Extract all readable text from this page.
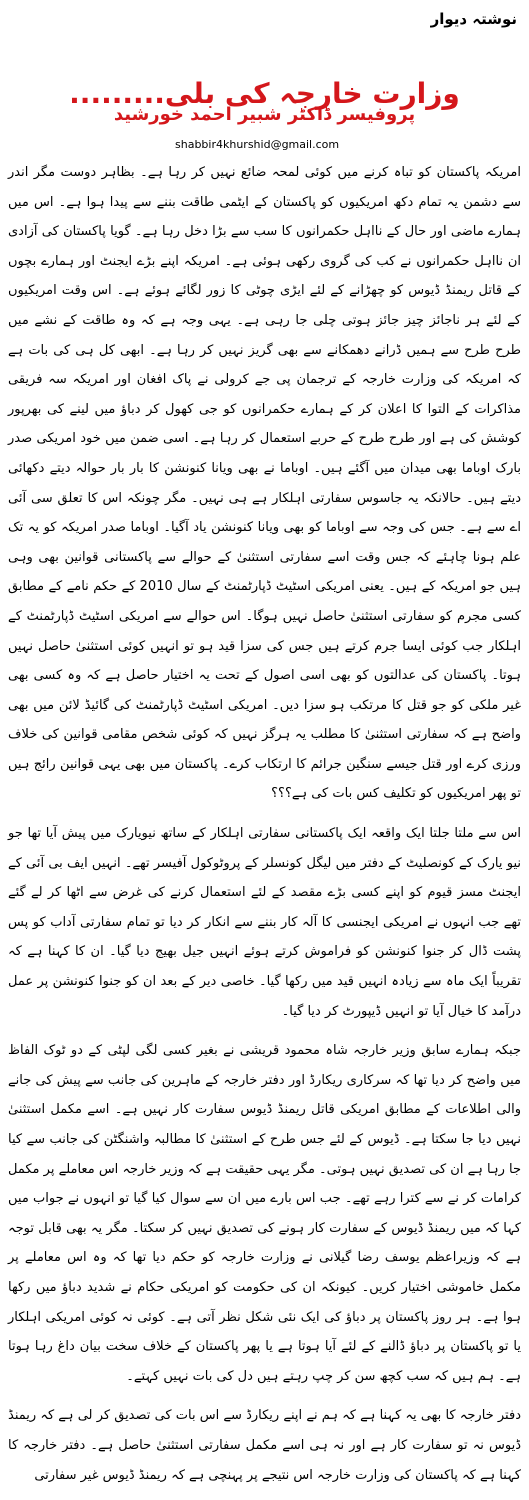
نوشتہ دیوار
وزارت خارجہ کی بلی.........
پروفیسر ڈاکٹر شبیر احمد خورشید
shabbir4khurshid@gmail.com

امریکہ پاکستان کو تباہ کرنے میں کوئی لمحہ ضائع نہیں کر رہا ہے۔ بظاہر دوست مگر اندر سے دشمن یہ تمام دکھ امریکیوں کو پاکستان کے ایٹمی طاقت بننے سے پیدا ہوا ہے۔ اس میں ہمارے ماضی اور حال کے نااہل حکمرانوں کا سب سے بڑا دخل رہا ہے۔ گویا پاکستان کی آزادی ان نااہل حکمرانوں نے کب کی گروی رکھی ہوئی ہے۔ امریکہ اپنے بڑے ایجنٹ اور ہمارے بچوں کے قاتل ریمنڈ ڈیوس کو چھڑانے کے لئے ایڑی چوٹی کا زور لگائے ہوئے ہے۔ اس وقت امریکیوں کے لئے ہر ناجائز چیز جائز ہوتی چلی جا رہی ہے۔ یہی وجہ ہے کہ وہ طاقت کے نشے میں طرح طرح سے ہمیں ڈرانے دھمکانے سے بھی گریز نہیں کر رہا ہے۔ ابھی کل ہی کی بات ہے کہ امریکہ کی وزارت خارجہ کے ترجمان پی جے کرولی نے پاک افغان اور امریکہ سہ فریقی مذاکرات کے التوا کا اعلان کر کے ہمارے حکمرانوں کو جی کھول کر دباؤ میں لینے کی بھرپور کوشش کی ہے اور طرح طرح کے حربے استعمال کر رہا ہے۔ اسی ضمن میں خود امریکی صدر بارک اوباما بھی میدان میں آگئے ہیں۔ اوباما نے بھی ویانا کنونشن کا بار بار حوالہ دیتے دکھائی دیتے ہیں۔ حالانکہ یہ جاسوس سفارتی اہلکار ہے ہی نہیں۔ مگر چونکہ اس کا تعلق سی آئی اے سے ہے۔ جس کی وجہ سے اوباما کو بھی ویانا کنونشن یاد آگیا۔ اوباما صدر امریکہ کو یہ تک علم ہونا چاہئے کہ جس وقت اسے سفارتی استثنیٰ کے حوالے سے پاکستانی قوانین بھی وہی ہیں جو امریکہ کے ہیں۔ یعنی امریکی اسٹیٹ ڈپارٹمنٹ کے سال 2010 کے حکم نامے کے مطابق کسی مجرم کو سفارتی استثنیٰ حاصل نہیں ہوگا۔ اس حوالے سے امریکی اسٹیٹ ڈپارٹمنٹ کے اہلکار جب کوئی ایسا جرم کرتے ہیں جس کی سزا قید ہو تو انہیں کوئی استثنیٰ حاصل نہیں ہوتا۔ پاکستان کی عدالتوں کو بھی اسی اصول کے تحت یہ اختیار حاصل ہے کہ وہ کسی بھی غیر ملکی کو جو قتل کا مرتکب ہو سزا دیں۔ امریکی اسٹیٹ ڈپارٹمنٹ کی گائیڈ لائن میں بھی واضح ہے کہ سفارتی استثنیٰ کا مطلب یہ ہرگز نہیں کہ کوئی شخص مقامی قوانین کی خلاف ورزی کرے اور قتل جیسے سنگین جرائم کا ارتکاب کرے۔ پاکستان میں بھی یہی قوانین رائج ہیں تو پھر امریکیوں کو تکلیف کس بات کی ہے؟؟؟

اس سے ملتا جلتا ایک واقعہ ایک پاکستانی سفارتی اہلکار کے ساتھ نیویارک میں پیش آیا تھا جو نیو یارک کے کونصلیٹ کے دفتر میں لیگل کونسلر کے پروٹوکول آفیسر تھے۔ انہیں ایف بی آئی کے ایجنٹ مسز قیوم کو اپنے کسی بڑے مقصد کے لئے استعمال کرنے کی غرض سے اٹھا کر لے گئے تھے جب انہوں نے امریکی ایجنسی کا آلہ کار بننے سے انکار کر دیا تو تمام سفارتی آداب کو پس پشت ڈال کر جنوا کنونشن کو فراموش کرتے ہوئے انہیں جیل بھیج دیا گیا۔ ان کا کہنا ہے کہ تقریباً ایک ماہ سے زیادہ انہیں قید میں رکھا گیا۔ خاصی دیر کے بعد ان کو جنوا کنونشن پر عمل درآمد کا خیال آیا تو انہیں ڈیپورٹ کر دیا گیا۔

جبکہ ہمارے سابق وزیر خارجہ شاہ محمود قریشی نے بغیر کسی لگی لپٹی کے دو ٹوک الفاظ میں واضح کر دیا تھا کہ سرکاری ریکارڈ اور دفتر خارجہ کے ماہرین کی جانب سے پیش کی جانے والی اطلاعات کے مطابق امریکی قاتل ریمنڈ ڈیوس سفارت کار نہیں ہے۔ اسے مکمل استثنیٰ نہیں دیا جا سکتا ہے۔ ڈیوس کے لئے جس طرح کے استثنیٰ کا مطالبہ واشنگٹن کی جانب سے کیا جا رہا ہے ان کی تصدیق نہیں ہوتی۔ مگر یہی حقیقت ہے کہ وزیر خارجہ اس معاملے پر مکمل کرامات کر نے سے کترا رہے تھے۔ جب اس بارے میں ان سے سوال کیا گیا تو انہوں نے جواب میں کہا کہ میں ریمنڈ ڈیوس کے سفارت کار ہونے کی تصدیق نہیں کر سکتا۔ مگر یہ بھی قابل توجہ ہے کہ وزیراعظم یوسف رضا گیلانی نے وزارت خارجہ کو حکم دیا تھا کہ وہ اس معاملے پر مکمل خاموشی اختیار کریں۔ کیونکہ ان کی حکومت کو امریکی حکام نے شدید دباؤ میں رکھا ہوا ہے۔ ہر روز پاکستان پر دباؤ کی ایک نئی شکل نظر آتی ہے۔ کوئی نہ کوئی امریکی اہلکار یا تو پاکستان پر دباؤ ڈالنے کے لئے آیا ہوتا ہے یا پھر پاکستان کے خلاف سخت بیان داغ رہا ہوتا ہے۔ ہم ہیں کہ سب کچھ سن کر چپ رہتے ہیں دل کی بات نہیں کہتے۔

دفتر خارجہ کا بھی یہ کہنا ہے کہ ہم نے اپنے ریکارڈ سے اس بات کی تصدیق کر لی ہے کہ ریمنڈ ڈیوس نہ تو سفارت کار ہے اور نہ ہی اسے مکمل سفارتی استثنیٰ حاصل ہے۔ دفتر خارجہ کا کہنا ہے کہ پاکستان کی وزارت خارجہ اس نتیجے پر پہنچی ہے کہ ریمنڈ ڈیوس غیر سفارتی
